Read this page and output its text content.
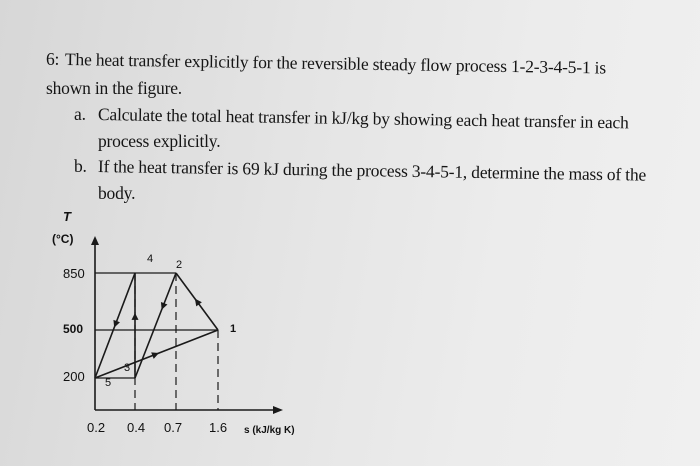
6: The heat transfer explicitly for the reversible steady flow process 1-2-3-4-5-1 is
shown in the figure.
a. Calculate the total heat transfer in kJ/kg by showing each heat transfer in each
process explicitly.
b. If the heat transfer is 69 kJ during the process 3-4-5-1, determine the mass of the
body.
T
(°C)
850
500
200
0.2 0.4 0.7 1.6 s (kJ/kg K)
4 2
1
3
5
